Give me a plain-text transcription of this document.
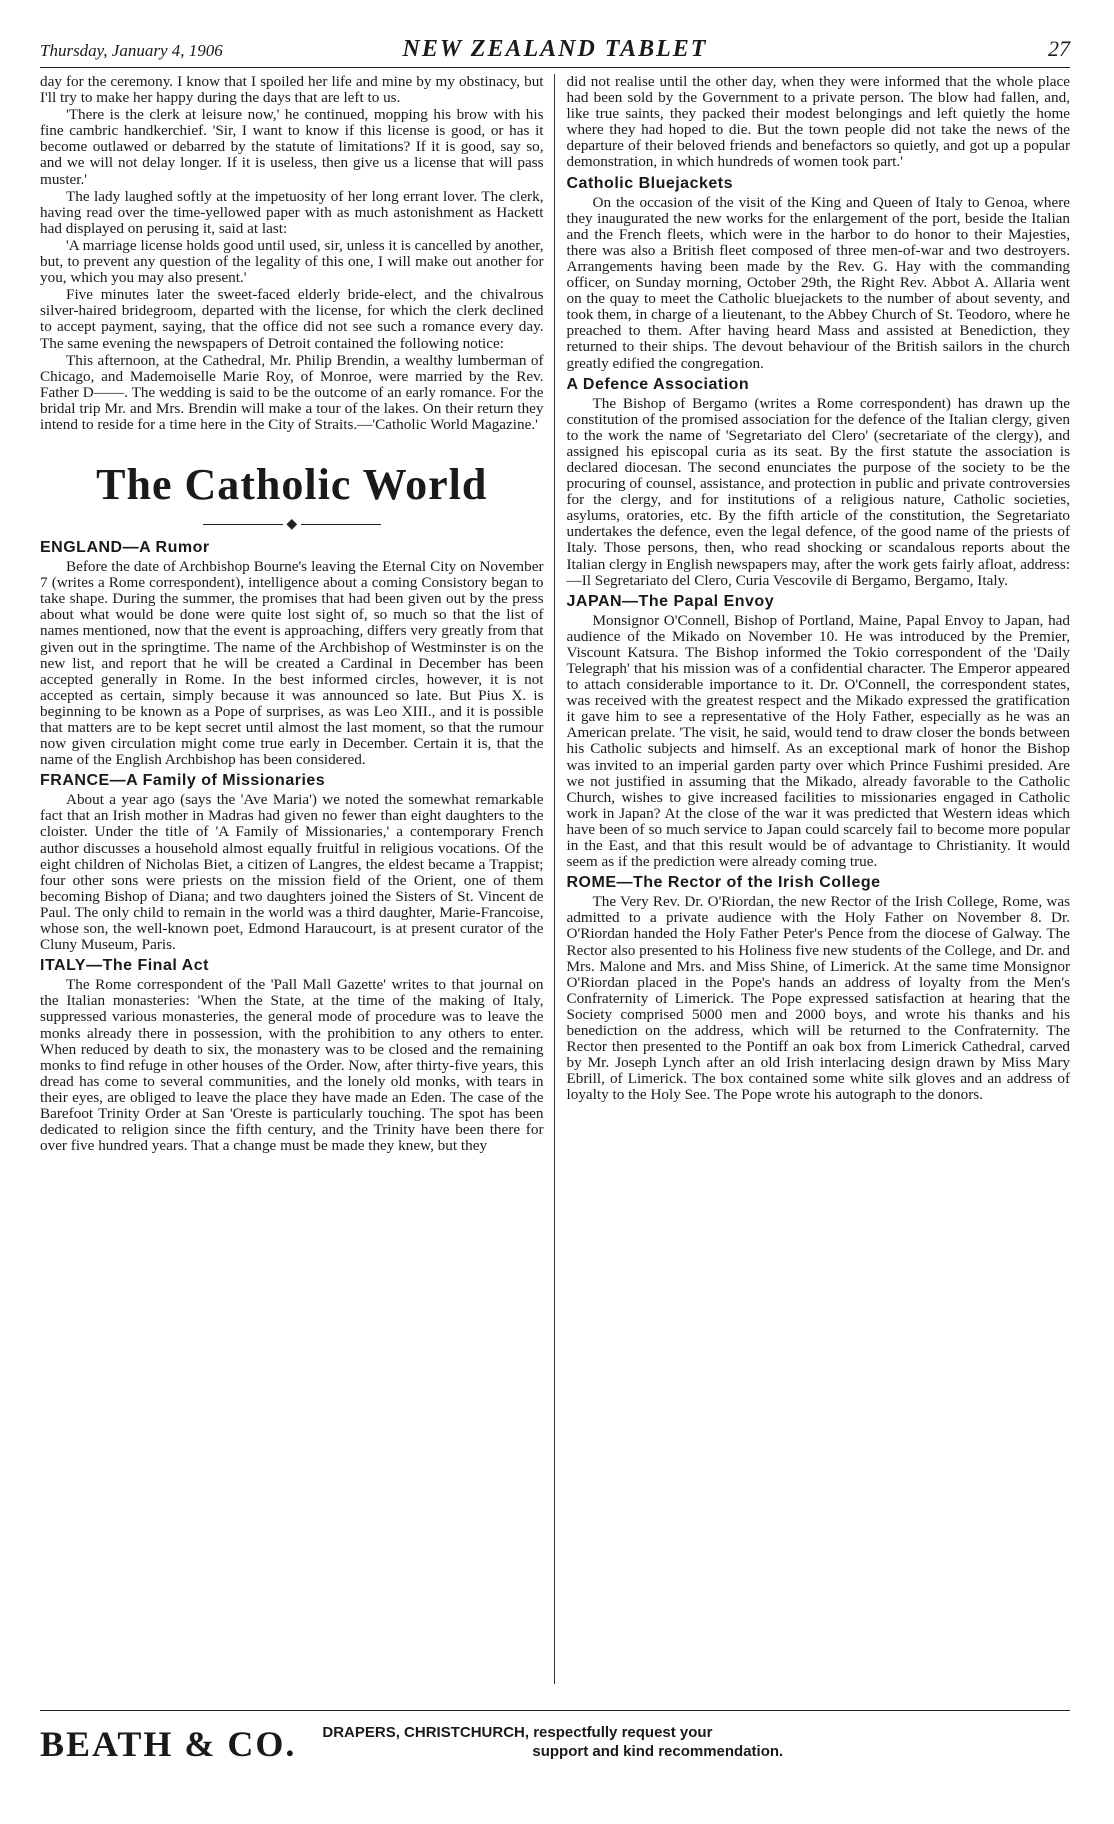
Thursday, January 4, 1906	NEW ZEALAND TABLET	27

day for the ceremony. I know that I spoiled her life and mine by my obstinacy, but I'll try to make her happy during the days that are left to us.

'There is the clerk at leisure now,' he continued, mopping his brow with his fine cambric handkerchief. 'Sir, I want to know if this license is good, or has it become outlawed or debarred by the statute of limitations? If it is good, say so, and we will not delay longer. If it is useless, then give us a license that will pass muster.'

The lady laughed softly at the impetuosity of her long errant lover. The clerk, having read over the time-yellowed paper with as much astonishment as Hackett had displayed on perusing it, said at last:

'A marriage license holds good until used, sir, unless it is cancelled by another, but, to prevent any question of the legality of this one, I will make out another for you, which you may also present.'

Five minutes later the sweet-faced elderly bride-elect, and the chivalrous silver-haired bridegroom, departed with the license, for which the clerk declined to accept payment, saying, that the office did not see such a romance every day. The same evening the newspapers of Detroit contained the following notice:

This afternoon, at the Cathedral, Mr. Philip Brendin, a wealthy lumberman of Chicago, and Mademoiselle Marie Roy, of Monroe, were married by the Rev. Father D——. The wedding is said to be the outcome of an early romance. For the bridal trip Mr. and Mrs. Brendin will make a tour of the lakes. On their return they intend to reside for a time here in the City of Straits.—'Catholic World Magazine.'

The Catholic World
◆
ENGLAND—A Rumor

Before the date of Archbishop Bourne's leaving the Eternal City on November 7 (writes a Rome correspondent), intelligence about a coming Consistory began to take shape. During the summer, the promises that had been given out by the press about what would be done were quite lost sight of, so much so that the list of names mentioned, now that the event is approaching, differs very greatly from that given out in the springtime. The name of the Archbishop of Westminster is on the new list, and report that he will be created a Cardinal in December has been accepted generally in Rome. In the best informed circles, however, it is not accepted as certain, simply because it was announced so late. But Pius X. is beginning to be known as a Pope of surprises, as was Leo XIII., and it is possible that matters are to be kept secret until almost the last moment, so that the rumour now given circulation might come true early in December. Certain it is, that the name of the English Archbishop has been considered.

FRANCE—A Family of Missionaries

About a year ago (says the 'Ave Maria') we noted the somewhat remarkable fact that an Irish mother in Madras had given no fewer than eight daughters to the cloister. Under the title of 'A Family of Missionaries,' a contemporary French author discusses a household almost equally fruitful in religious vocations. Of the eight children of Nicholas Biet, a citizen of Langres, the eldest became a Trappist; four other sons were priests on the mission field of the Orient, one of them becoming Bishop of Diana; and two daughters joined the Sisters of St. Vincent de Paul. The only child to remain in the world was a third daughter, Marie-Francoise, whose son, the well-known poet, Edmond Haraucourt, is at present curator of the Cluny Museum, Paris.

ITALY—The Final Act

The Rome correspondent of the 'Pall Mall Gazette' writes to that journal on the Italian monasteries: 'When the State, at the time of the making of Italy, suppressed various monasteries, the general mode of procedure was to leave the monks already there in possession, with the prohibition to any others to enter. When reduced by death to six, the monastery was to be closed and the remaining monks to find refuge in other houses of the Order. Now, after thirty-five years, this dread has come to several communities, and the lonely old monks, with tears in their eyes, are obliged to leave the place they have made an Eden. The case of the Barefoot Trinity Order at San 'Oreste is particularly touching. The spot has been dedicated to religion since the fifth century, and the Trinity have been there for over five hundred years. That a change must be made they knew, but they

did not realise until the other day, when they were informed that the whole place had been sold by the Government to a private person. The blow had fallen, and, like true saints, they packed their modest belongings and left quietly the home where they had hoped to die. But the town people did not take the news of the departure of their beloved friends and benefactors so quietly, and got up a popular demonstration, in which hundreds of women took part.'

Catholic Bluejackets

On the occasion of the visit of the King and Queen of Italy to Genoa, where they inaugurated the new works for the enlargement of the port, beside the Italian and the French fleets, which were in the harbor to do honor to their Majesties, there was also a British fleet composed of three men-of-war and two destroyers. Arrangements having been made by the Rev. G. Hay with the commanding officer, on Sunday morning, October 29th, the Right Rev. Abbot A. Allaria went on the quay to meet the Catholic bluejackets to the number of about seventy, and took them, in charge of a lieutenant, to the Abbey Church of St. Teodoro, where he preached to them. After having heard Mass and assisted at Benediction, they returned to their ships. The devout behaviour of the British sailors in the church greatly edified the congregation.

A Defence Association

The Bishop of Bergamo (writes a Rome correspondent) has drawn up the constitution of the promised association for the defence of the Italian clergy, given to the work the name of 'Segretariato del Clero' (secretariate of the clergy), and assigned his episcopal curia as its seat. By the first statute the association is declared diocesan. The second enunciates the purpose of the society to be the procuring of counsel, assistance, and protection in public and private controversies for the clergy, and for institutions of a religious nature, Catholic societies, asylums, oratories, etc. By the fifth article of the constitution, the Segretariato undertakes the defence, even the legal defence, of the good name of the priests of Italy. Those persons, then, who read shocking or scandalous reports about the Italian clergy in English newspapers may, after the work gets fairly afloat, address:—Il Segretariato del Clero, Curia Vescovile di Bergamo, Bergamo, Italy.

JAPAN—The Papal Envoy

Monsignor O'Connell, Bishop of Portland, Maine, Papal Envoy to Japan, had audience of the Mikado on November 10. He was introduced by the Premier, Viscount Katsura. The Bishop informed the Tokio correspondent of the 'Daily Telegraph' that his mission was of a confidential character. The Emperor appeared to attach considerable importance to it. Dr. O'Connell, the correspondent states, was received with the greatest respect and the Mikado expressed the gratification it gave him to see a representative of the Holy Father, especially as he was an American prelate. 'The visit, he said, would tend to draw closer the bonds between his Catholic subjects and himself. As an exceptional mark of honor the Bishop was invited to an imperial garden party over which Prince Fushimi presided. Are we not justified in assuming that the Mikado, already favorable to the Catholic Church, wishes to give increased facilities to missionaries engaged in Catholic work in Japan? At the close of the war it was predicted that Western ideas which have been of so much service to Japan could scarcely fail to become more popular in the East, and that this result would be of advantage to Christianity. It would seem as if the prediction were already coming true.

ROME—The Rector of the Irish College

The Very Rev. Dr. O'Riordan, the new Rector of the Irish College, Rome, was admitted to a private audience with the Holy Father on November 8. Dr. O'Riordan handed the Holy Father Peter's Pence from the diocese of Galway. The Rector also presented to his Holiness five new students of the College, and Dr. and Mrs. Malone and Mrs. and Miss Shine, of Limerick. At the same time Monsignor O'Riordan placed in the Pope's hands an address of loyalty from the Men's Confraternity of Limerick. The Pope expressed satisfaction at hearing that the Society comprised 5000 men and 2000 boys, and wrote his thanks and his benediction on the address, which will be returned to the Confraternity. The Rector then presented to the Pontiff an oak box from Limerick Cathedral, carved by Mr. Joseph Lynch after an old Irish interlacing design drawn by Miss Mary Ebrill, of Limerick. The box contained some white silk gloves and an address of loyalty to the Holy See. The Pope wrote his autograph to the donors.

BEATH & CO. DRAPERS, CHRISTCHURCH, respectfully request your
support and kind recommendation.
